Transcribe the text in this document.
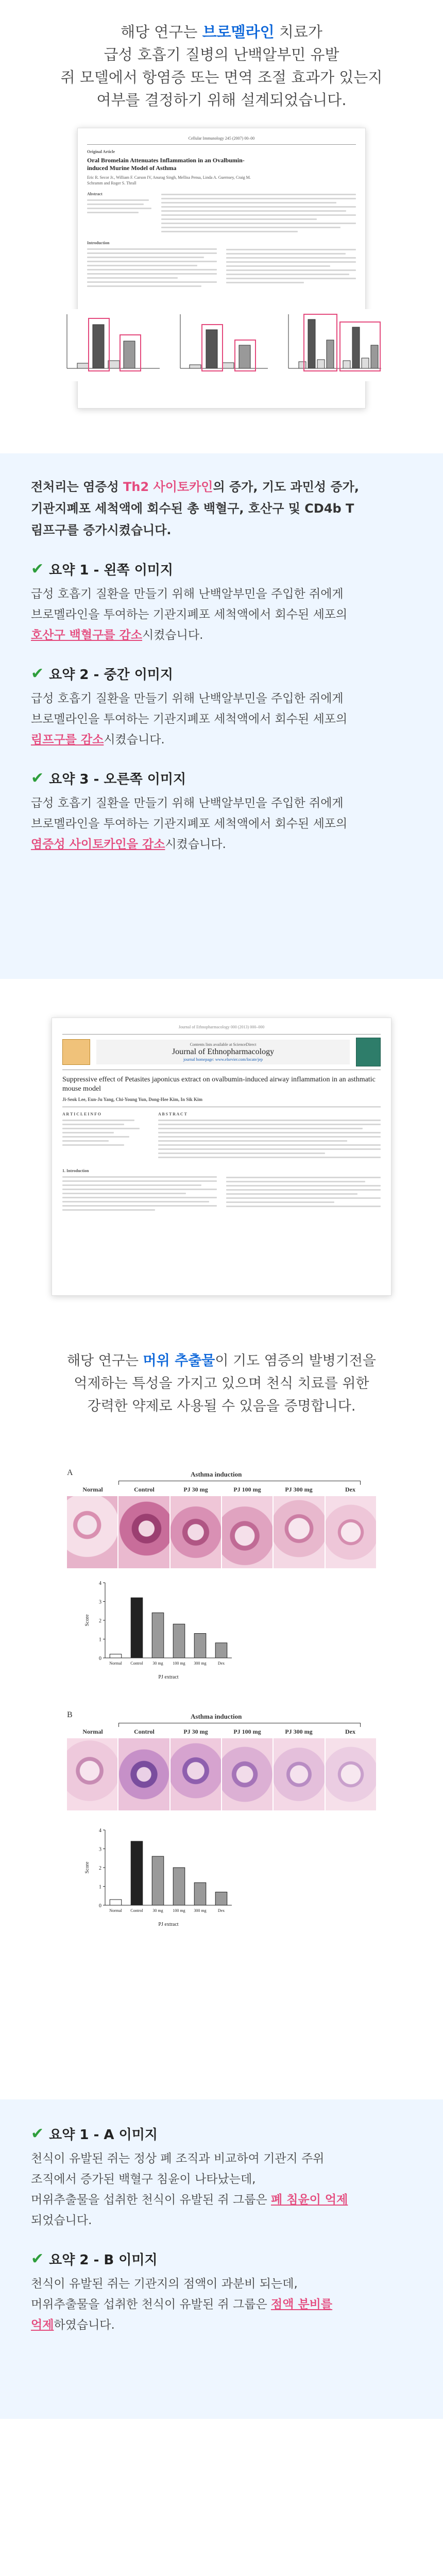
해당 연구는 브로멜라인 치료가

급성 호흡기 질병의 난백알부민 유발

쥐 모델에서 항염증 또는 면역 조절 효과가 있는지

여부를 결정하기 위해 설계되었습니다.

Cellular Immunology 245 (2007) 00–00
Original Article
Oral Bromelain Attenuates Inflammation in an Ovalbumin-induced Murine Model of Asthma
Eric R. Secor Jr., William F. Carson IV, Anurag Singh, Mellisa Pensa, Linda A. Guernsey, Craig M. Schramm and Roger S. Thrall
Abstract
Introduction
전처리는 염증성 Th2 사이토카인의 증가, 기도 과민성 증가,
기관지폐포 세척액에 회수된 총 백혈구, 호산구 및 CD4b T
림프구를 증가시켰습니다.
✔ 요약 1 - 왼쪽 이미지

급성 호흡기 질환을 만들기 위해 난백알부민을 주입한 쥐에게
브로멜라인을 투여하는 기관지폐포 세척액에서 회수된 세포의
호산구 백혈구를 감소시켰습니다.

✔ 요약 2 - 중간 이미지

급성 호흡기 질환을 만들기 위해 난백알부민을 주입한 쥐에게
브로멜라인을 투여하는 기관지폐포 세척액에서 회수된 세포의
림프구를 감소시켰습니다.

✔ 요약 3 - 오른쪽 이미지

급성 호흡기 질환을 만들기 위해 난백알부민을 주입한 쥐에게
브로멜라인을 투여하는 기관지폐포 세척액에서 회수된 세포의
염증성 사이토카인을 감소시켰습니다.

Journal of Ethnopharmacology 000 (2013) 000–000
Contents lists available at ScienceDirect
Journal of Ethnopharmacology
journal homepage: www.elsevier.com/locate/jep
Suppressive effect of Petasites japonicus extract on ovalbumin-induced airway inflammation in an asthmatic mouse model
Ji-Seok Lee, Eun-Ju Yang, Chi-Young Yun, Dong-Hee Kim, In Sik Kim
A R T I C L E I N F O	A B S T R A C T
1. Introduction

해당 연구는 머위 추출물이 기도 염증의 발병기전을

억제하는 특성을 가지고 있으며 천식 치료를 위한

강력한 약제로 사용될 수 있음을 증명합니다.

A	Asthma induction
Normal	Control	PJ 30 mg	PJ 100 mg	PJ 300 mg	Dex
0
1
2
3
4
Normal Control 30 mg 100 mg 300 mg	Dex
PJ extract
Score
B	Asthma induction
Normal	Control	PJ 30 mg	PJ 100 mg	PJ 300 mg	Dex
0
1
2
3
4
Normal Control 30 mg 100 mg 300 mg	Dex
PJ extract
Score
✔ 요약 1 - A 이미지

천식이 유발된 쥐는 정상 폐 조직과 비교하여 기관지 주위
조직에서 증가된 백혈구 침윤이 나타났는데,
머위추출물을 섭취한 천식이 유발된 쥐 그룹은 폐 침윤이 억제
되었습니다.

✔ 요약 2 - B 이미지

천식이 유발된 쥐는 기관지의 점액이 과분비 되는데,
머위추출물을 섭취한 천식이 유발된 쥐 그룹은 점액 분비를
억제하였습니다.
